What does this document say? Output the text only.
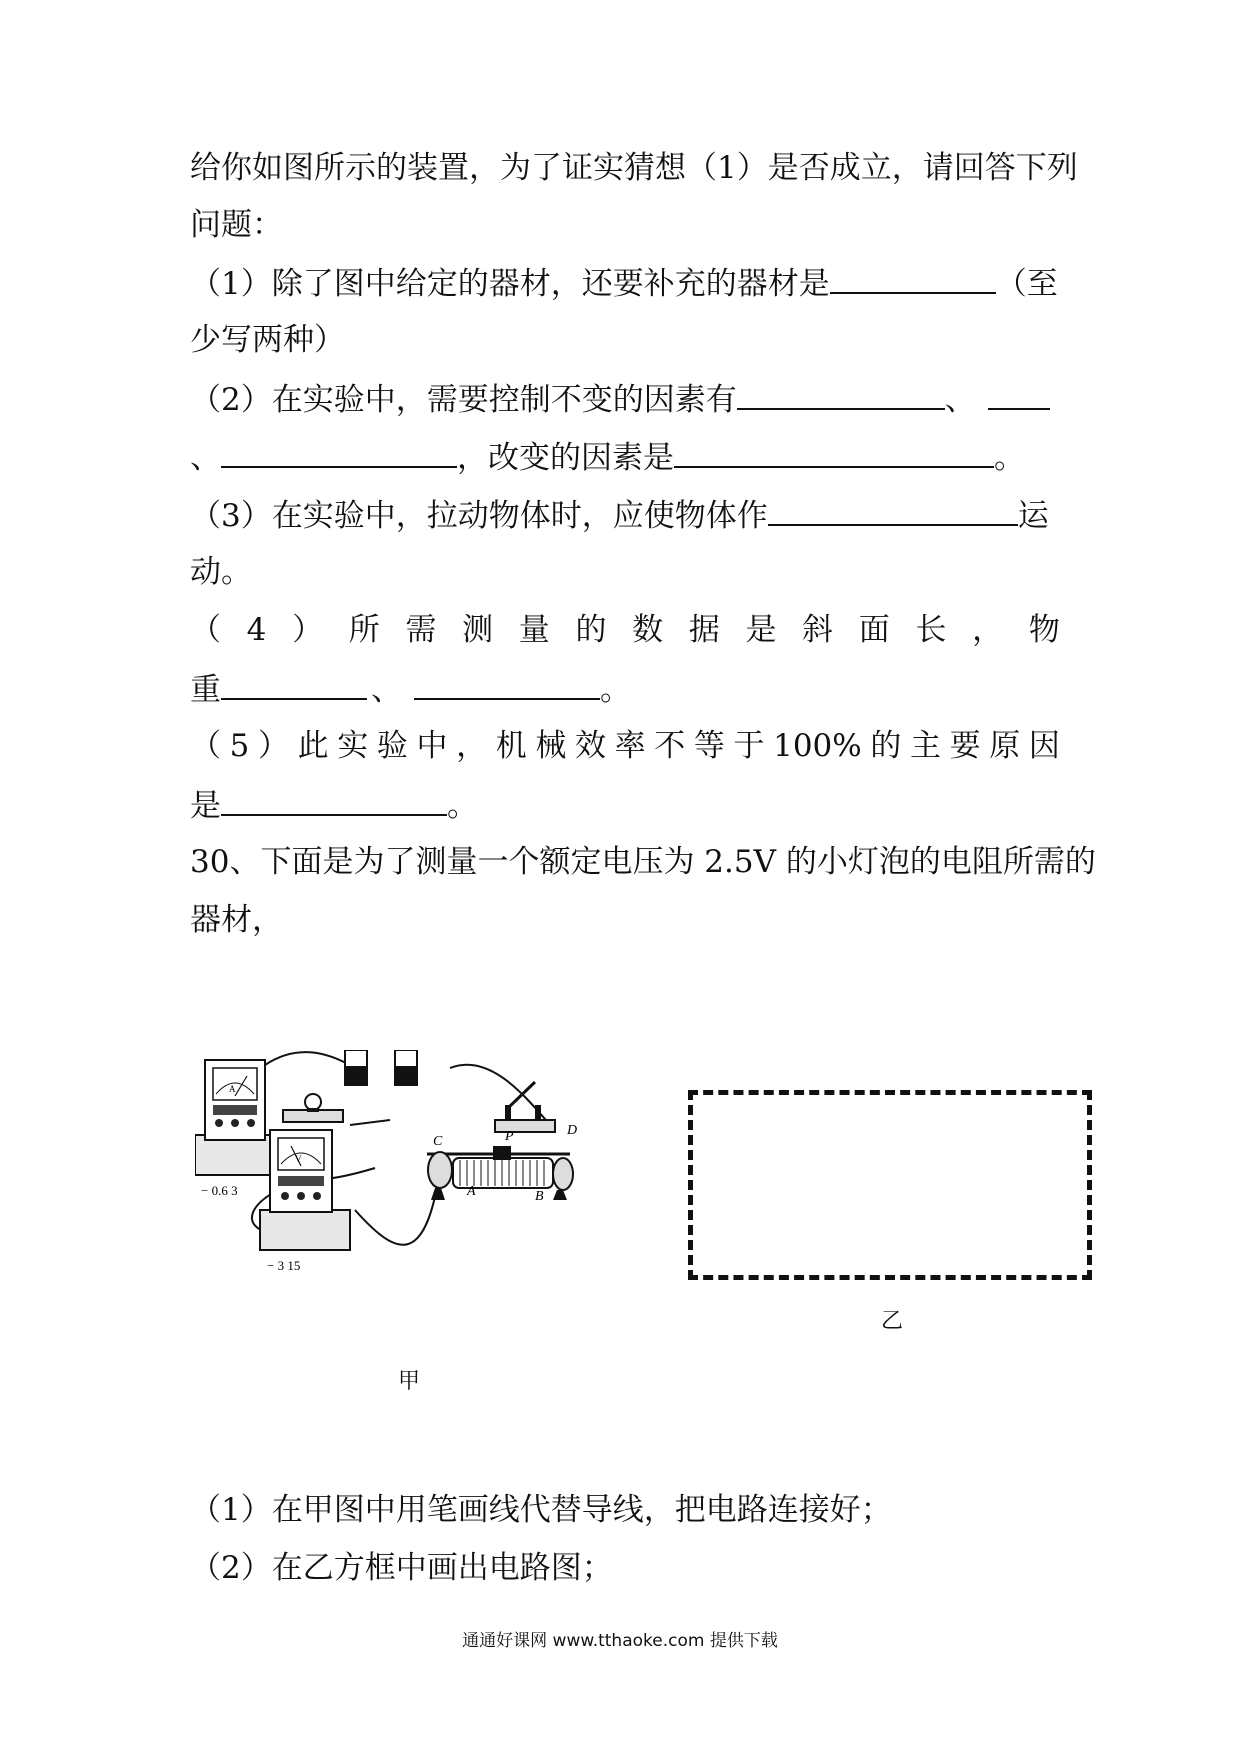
给你如图所示的装置，为了证实猜想（1）是否成立，请回答下列
问题：
（1）除了图中给定的器材，还要补充的器材是	（至
少写两种）
（2）在实验中，需要控制不变的因素有	、
、	，改变的因素是	。
（3）在实验中，拉动物体时，应使物体作	运
动。
（ 4 ） 所 需 测 量 的 数 据 是 斜 面 长 ， 物
重	、	。
（ 5 ） 此 实 验 中 ， 机 械 效 率 不 等 于 100% 的 主 要 原 因
是	。
30、下面是为了测量一个额定电压为 2.5V 的小灯泡的电阻所需的
器材，
A
− 0.6 3
V
− 3 15
C	P	D
A	B
甲
乙
（1）在甲图中用笔画线代替导线，把电路连接好；
（2）在乙方框中画出电路图；
通通好课网 www.tthaoke.com 提供下载
